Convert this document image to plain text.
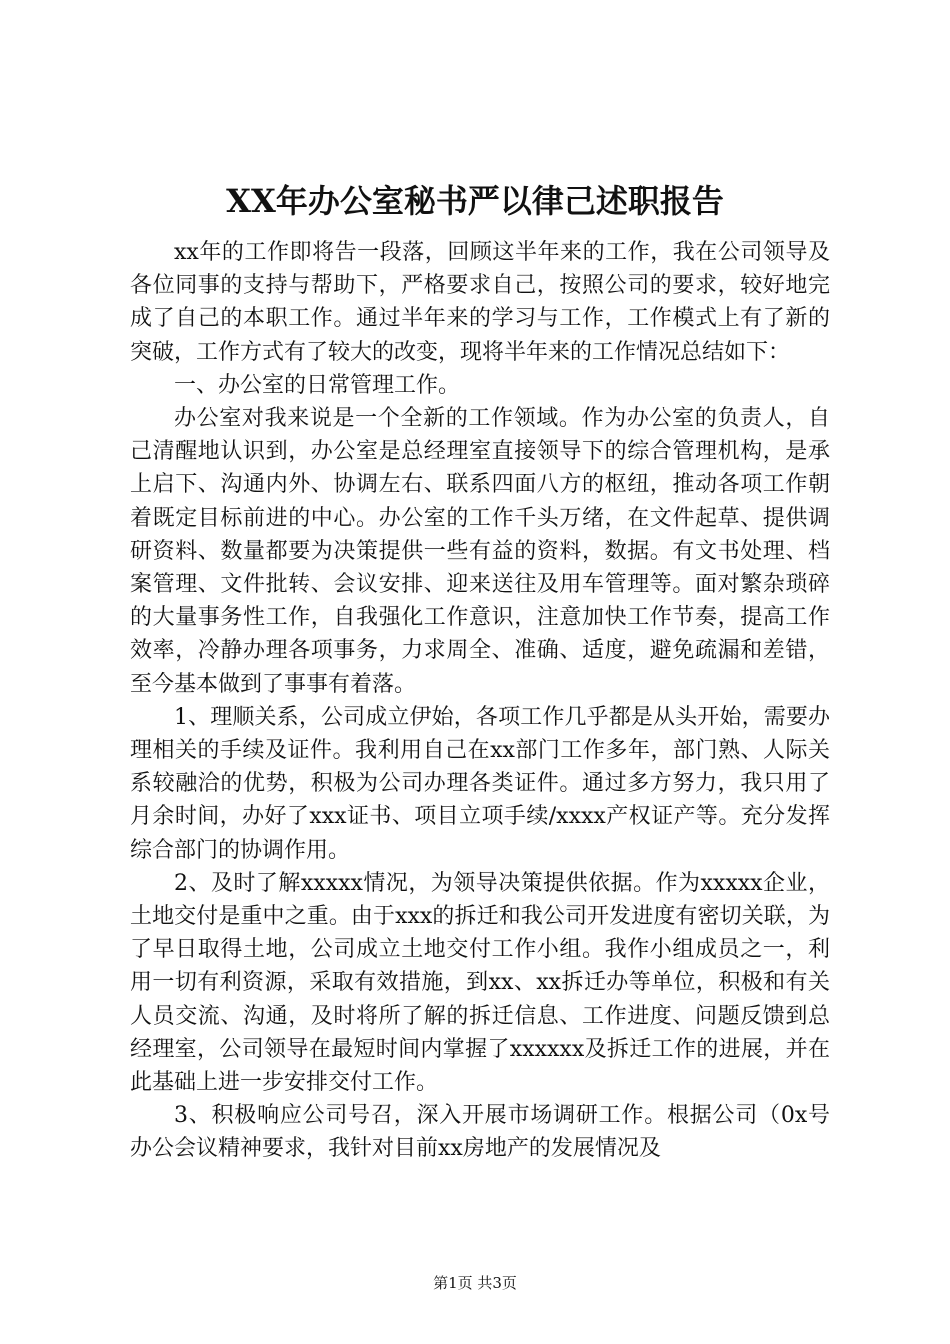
XX年办公室秘书严以律己述职报告

xx年的工作即将告一段落，回顾这半年来的工作，我在公司领导及各位同事的支持与帮助下，严格要求自己，按照公司的要求，较好地完成了自己的本职工作。通过半年来的学习与工作，工作模式上有了新的突破，工作方式有了较大的改变，现将半年来的工作情况总结如下：

一、办公室的日常管理工作。

办公室对我来说是一个全新的工作领域。作为办公室的负责人，自己清醒地认识到，办公室是总经理室直接领导下的综合管理机构，是承上启下、沟通内外、协调左右、联系四面八方的枢纽，推动各项工作朝着既定目标前进的中心。办公室的工作千头万绪，在文件起草、提供调研资料、数量都要为决策提供一些有益的资料，数据。有文书处理、档案管理、文件批转、会议安排、迎来送往及用车管理等。面对繁杂琐碎的大量事务性工作，自我强化工作意识，注意加快工作节奏，提高工作效率，冷静办理各项事务，力求周全、准确、适度，避免疏漏和差错，至今基本做到了事事有着落。

1、理顺关系，公司成立伊始，各项工作几乎都是从头开始，需要办理相关的手续及证件。我利用自己在xx部门工作多年，部门熟、人际关系较融洽的优势，积极为公司办理各类证件。通过多方努力，我只用了月余时间，办好了xxx证书、项目立项手续/xxxx产权证产等。充分发挥综合部门的协调作用。

2、及时了解xxxxx情况，为领导决策提供依据。作为xxxxx企业，土地交付是重中之重。由于xxx的拆迁和我公司开发进度有密切关联，为了早日取得土地，公司成立土地交付工作小组。我作小组成员之一，利用一切有利资源，采取有效措施，到xx、xx拆迁办等单位，积极和有关人员交流、沟通，及时将所了解的拆迁信息、工作进度、问题反馈到总经理室，公司领导在最短时间内掌握了xxxxxx及拆迁工作的进展，并在此基础上进一步安排交付工作。

3、积极响应公司号召，深入开展市场调研工作。根据公司（0x号办公会议精神要求，我针对目前xx房地产的发展情况及

第1页 共3页
